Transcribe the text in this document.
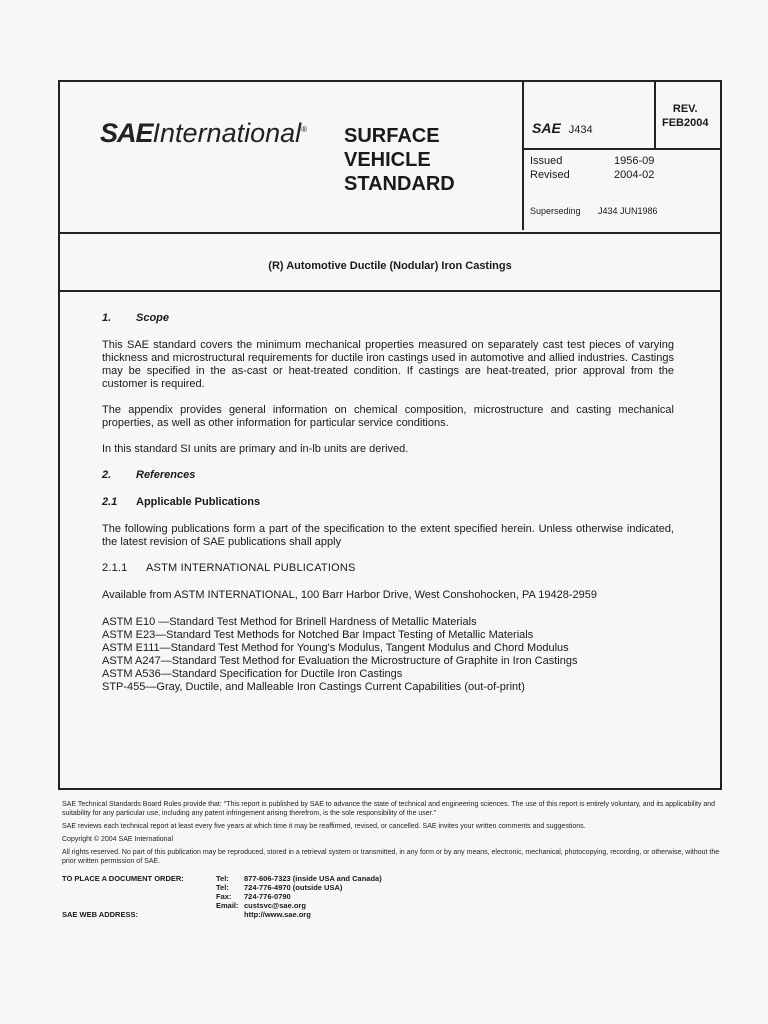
SAEInternational® SURFACE
VEHICLE
STANDARD
SAE J434
REV.
FEB2004
Issued	1956-09
Revised	2004-02
Superseding J434 JUN1986
(R) Automotive Ductile (Nodular) Iron Castings
1. Scope

This SAE standard covers the minimum mechanical properties measured on separately cast test pieces of varying thickness and microstructural requirements for ductile iron castings used in automotive and allied industries. Castings may be specified in the as-cast or heat-treated condition. If castings are heat-treated, prior approval from the customer is required.

The appendix provides general information on chemical composition, microstructure and casting mechanical properties, as well as other information for particular service conditions.

In this standard SI units are primary and in-lb units are derived.

2. References
2.1 Applicable Publications

The following publications form a part of the specification to the extent specified herein. Unless otherwise indicated, the latest revision of SAE publications shall apply

2.1.1 ASTM INTERNATIONAL PUBLICATIONS
Available from ASTM INTERNATIONAL, 100 Barr Harbor Drive, West Conshohocken, PA 19428-2959
ASTM E10 —Standard Test Method for Brinell Hardness of Metallic Materials
ASTM E23—Standard Test Methods for Notched Bar Impact Testing of Metallic Materials
ASTM E111—Standard Test Method for Young's Modulus, Tangent Modulus and Chord Modulus
ASTM A247—Standard Test Method for Evaluation the Microstructure of Graphite in Iron Castings
ASTM A536—Standard Specification for Ductile Iron Castings
STP-455—Gray, Ductile, and Malleable Iron Castings Current Capabilities (out-of-print)

SAE Technical Standards Board Rules provide that: "This report is published by SAE to advance the state of technical and engineering sciences. The use of this report is entirely voluntary, and its applicability and suitability for any particular use, including any patent infringement arising therefrom, is the sole responsibility of the user."

SAE reviews each technical report at least every five years at which time it may be reaffirmed, revised, or cancelled. SAE invites your written comments and suggestions.

Copyright © 2004 SAE International

All rights reserved. No part of this publication may be reproduced, stored in a retrieval system or transmitted, in any form or by any means, electronic, mechanical, photocopying, recording, or otherwise, without the prior written permission of SAE.

TO PLACE A DOCUMENT ORDER:	Tel:	877-606-7323 (inside USA and Canada)
Tel:	724-776-4970 (outside USA)
Fax:	724-776-0790
Email: custsvc@sae.org
SAE WEB ADDRESS:	http://www.sae.org
